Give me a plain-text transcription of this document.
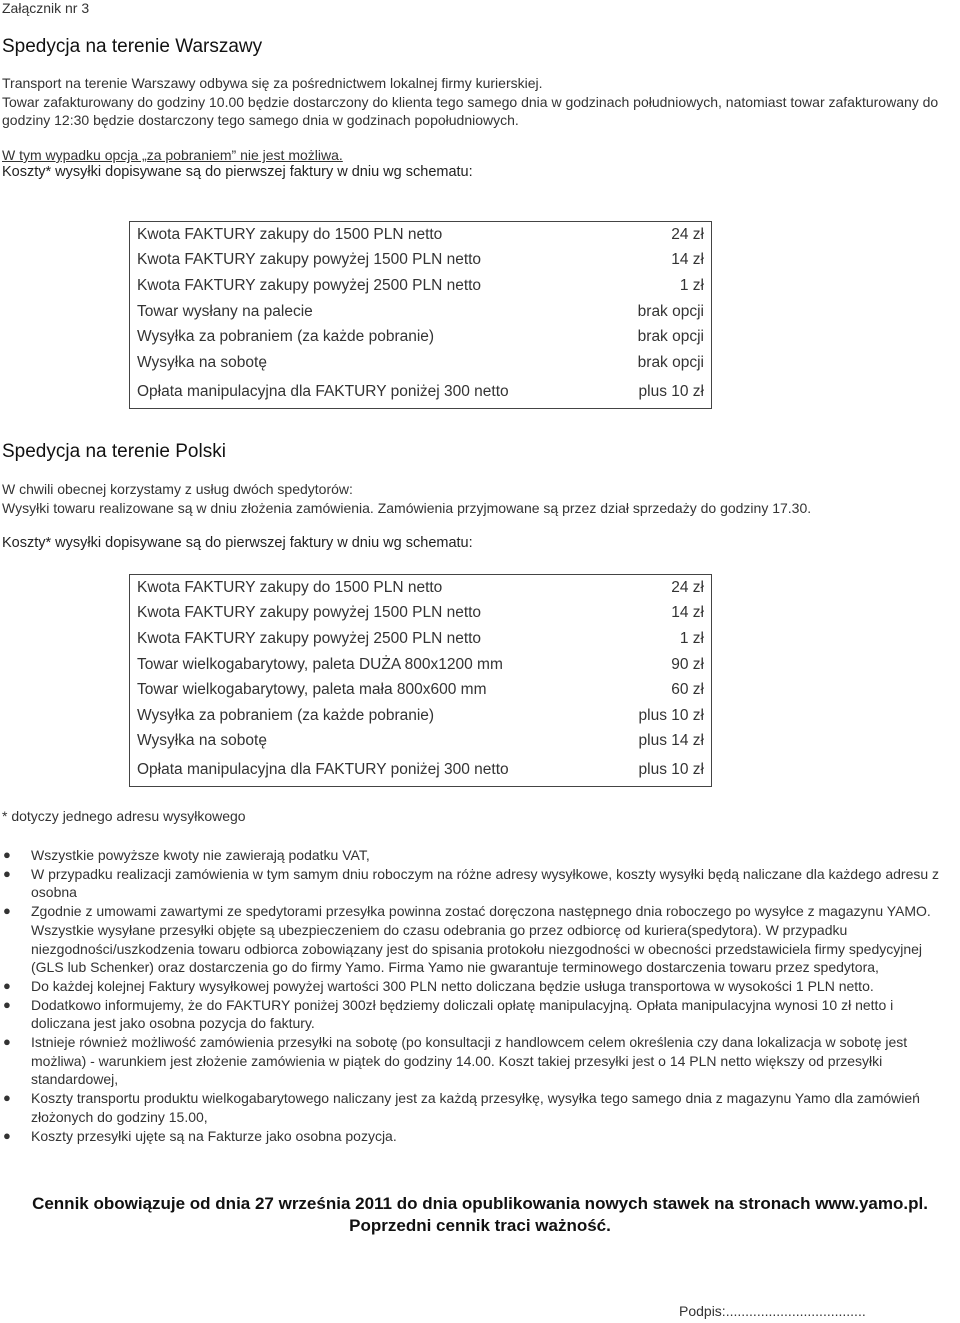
Załącznik nr 3
Spedycja na terenie Warszawy

Transport na terenie Warszawy odbywa się za pośrednictwem lokalnej firmy kurierskiej.

Towar zafakturowany do godziny 10.00 będzie dostarczony do klienta tego samego dnia w godzinach południowych, natomiast towar zafakturowany do godziny 12:30 będzie dostarczony tego samego dnia w godzinach popołudniowych.

W tym wypadku opcja „za pobraniem” nie jest możliwa.
Koszty* wysyłki dopisywane są do pierwszej faktury w dniu wg schematu:
Kwota FAKTURY zakupy do 1500 PLN netto	24 zł
Kwota FAKTURY zakupy powyżej 1500 PLN netto	14 zł
Kwota FAKTURY zakupy powyżej 2500 PLN netto	1 zł
Towar wysłany na palecie	brak opcji
Wysyłka za pobraniem (za każde pobranie)	brak opcji
Wysyłka na sobotę	brak opcji
Opłata manipulacyjna dla FAKTURY poniżej 300 netto	plus 10 zł
Spedycja na terenie Polski

W chwili obecnej korzystamy z usług dwóch spedytorów:

Wysyłki towaru realizowane są w dniu złożenia zamówienia. Zamówienia przyjmowane są przez dział sprzedaży do godziny 17.30.

Koszty* wysyłki dopisywane są do pierwszej faktury w dniu wg schematu:
Kwota FAKTURY zakupy do 1500 PLN netto	24 zł
Kwota FAKTURY zakupy powyżej 1500 PLN netto	14 zł
Kwota FAKTURY zakupy powyżej 2500 PLN netto	1 zł
Towar wielkogabarytowy, paleta DUŻA 800x1200 mm	90 zł
Towar wielkogabarytowy, paleta mała 800x600 mm	60 zł
Wysyłka za pobraniem (za każde pobranie)	plus 10 zł
Wysyłka na sobotę	plus 14 zł
Opłata manipulacyjna dla FAKTURY poniżej 300 netto	plus 10 zł
* dotyczy jednego adresu wysyłkowego
● Wszystkie powyższe kwoty nie zawierają podatku VAT,
● W przypadku realizacji zamówienia w tym samym dniu roboczym na różne adresy wysyłkowe, koszty wysyłki będą naliczane dla każdego adresu z osobna
● Zgodnie z umowami zawartymi ze spedytorami przesyłka powinna zostać doręczona następnego dnia roboczego po wysyłce z magazynu YAMO. Wszystkie wysyłane przesyłki objęte są ubezpieczeniem do czasu odebrania go przez odbiorcę od kuriera(spedytora). W przypadku niezgodności/uszkodzenia towaru odbiorca zobowiązany jest do spisania protokołu niezgodności w obecności przedstawiciela firmy spedycyjnej (GLS lub Schenker) oraz dostarczenia go do firmy Yamo. Firma Yamo nie gwarantuje terminowego dostarczenia towaru przez spedytora,
● Do każdej kolejnej Faktury wysyłkowej powyżej wartości 300 PLN netto doliczana będzie usługa transportowa w wysokości 1 PLN netto.
● Dodatkowo informujemy, że do FAKTURY poniżej 300zł będziemy doliczali opłatę manipulacyjną. Opłata manipulacyjna wynosi 10 zł netto i doliczana jest jako osobna pozycja do faktury.
● Istnieje również możliwość zamówienia przesyłki na sobotę (po konsultacji z handlowcem celem określenia czy dana lokalizacja w sobotę jest możliwa) - warunkiem jest złożenie zamówienia w piątek do godziny 14.00. Koszt takiej przesyłki jest o 14 PLN netto większy od przesyłki standardowej,
● Koszty transportu produktu wielkogabarytowego naliczany jest za każdą przesyłkę, wysyłka tego samego dnia z magazynu Yamo dla zamówień złożonych do godziny 15.00,
● Koszty przesyłki ujęte są na Fakturze jako osobna pozycja.
Cennik obowiązuje od dnia 27 września 2011 do dnia opublikowania nowych stawek na stronach www.yamo.pl.
Poprzedni cennik traci ważność.
Podpis:....................................
